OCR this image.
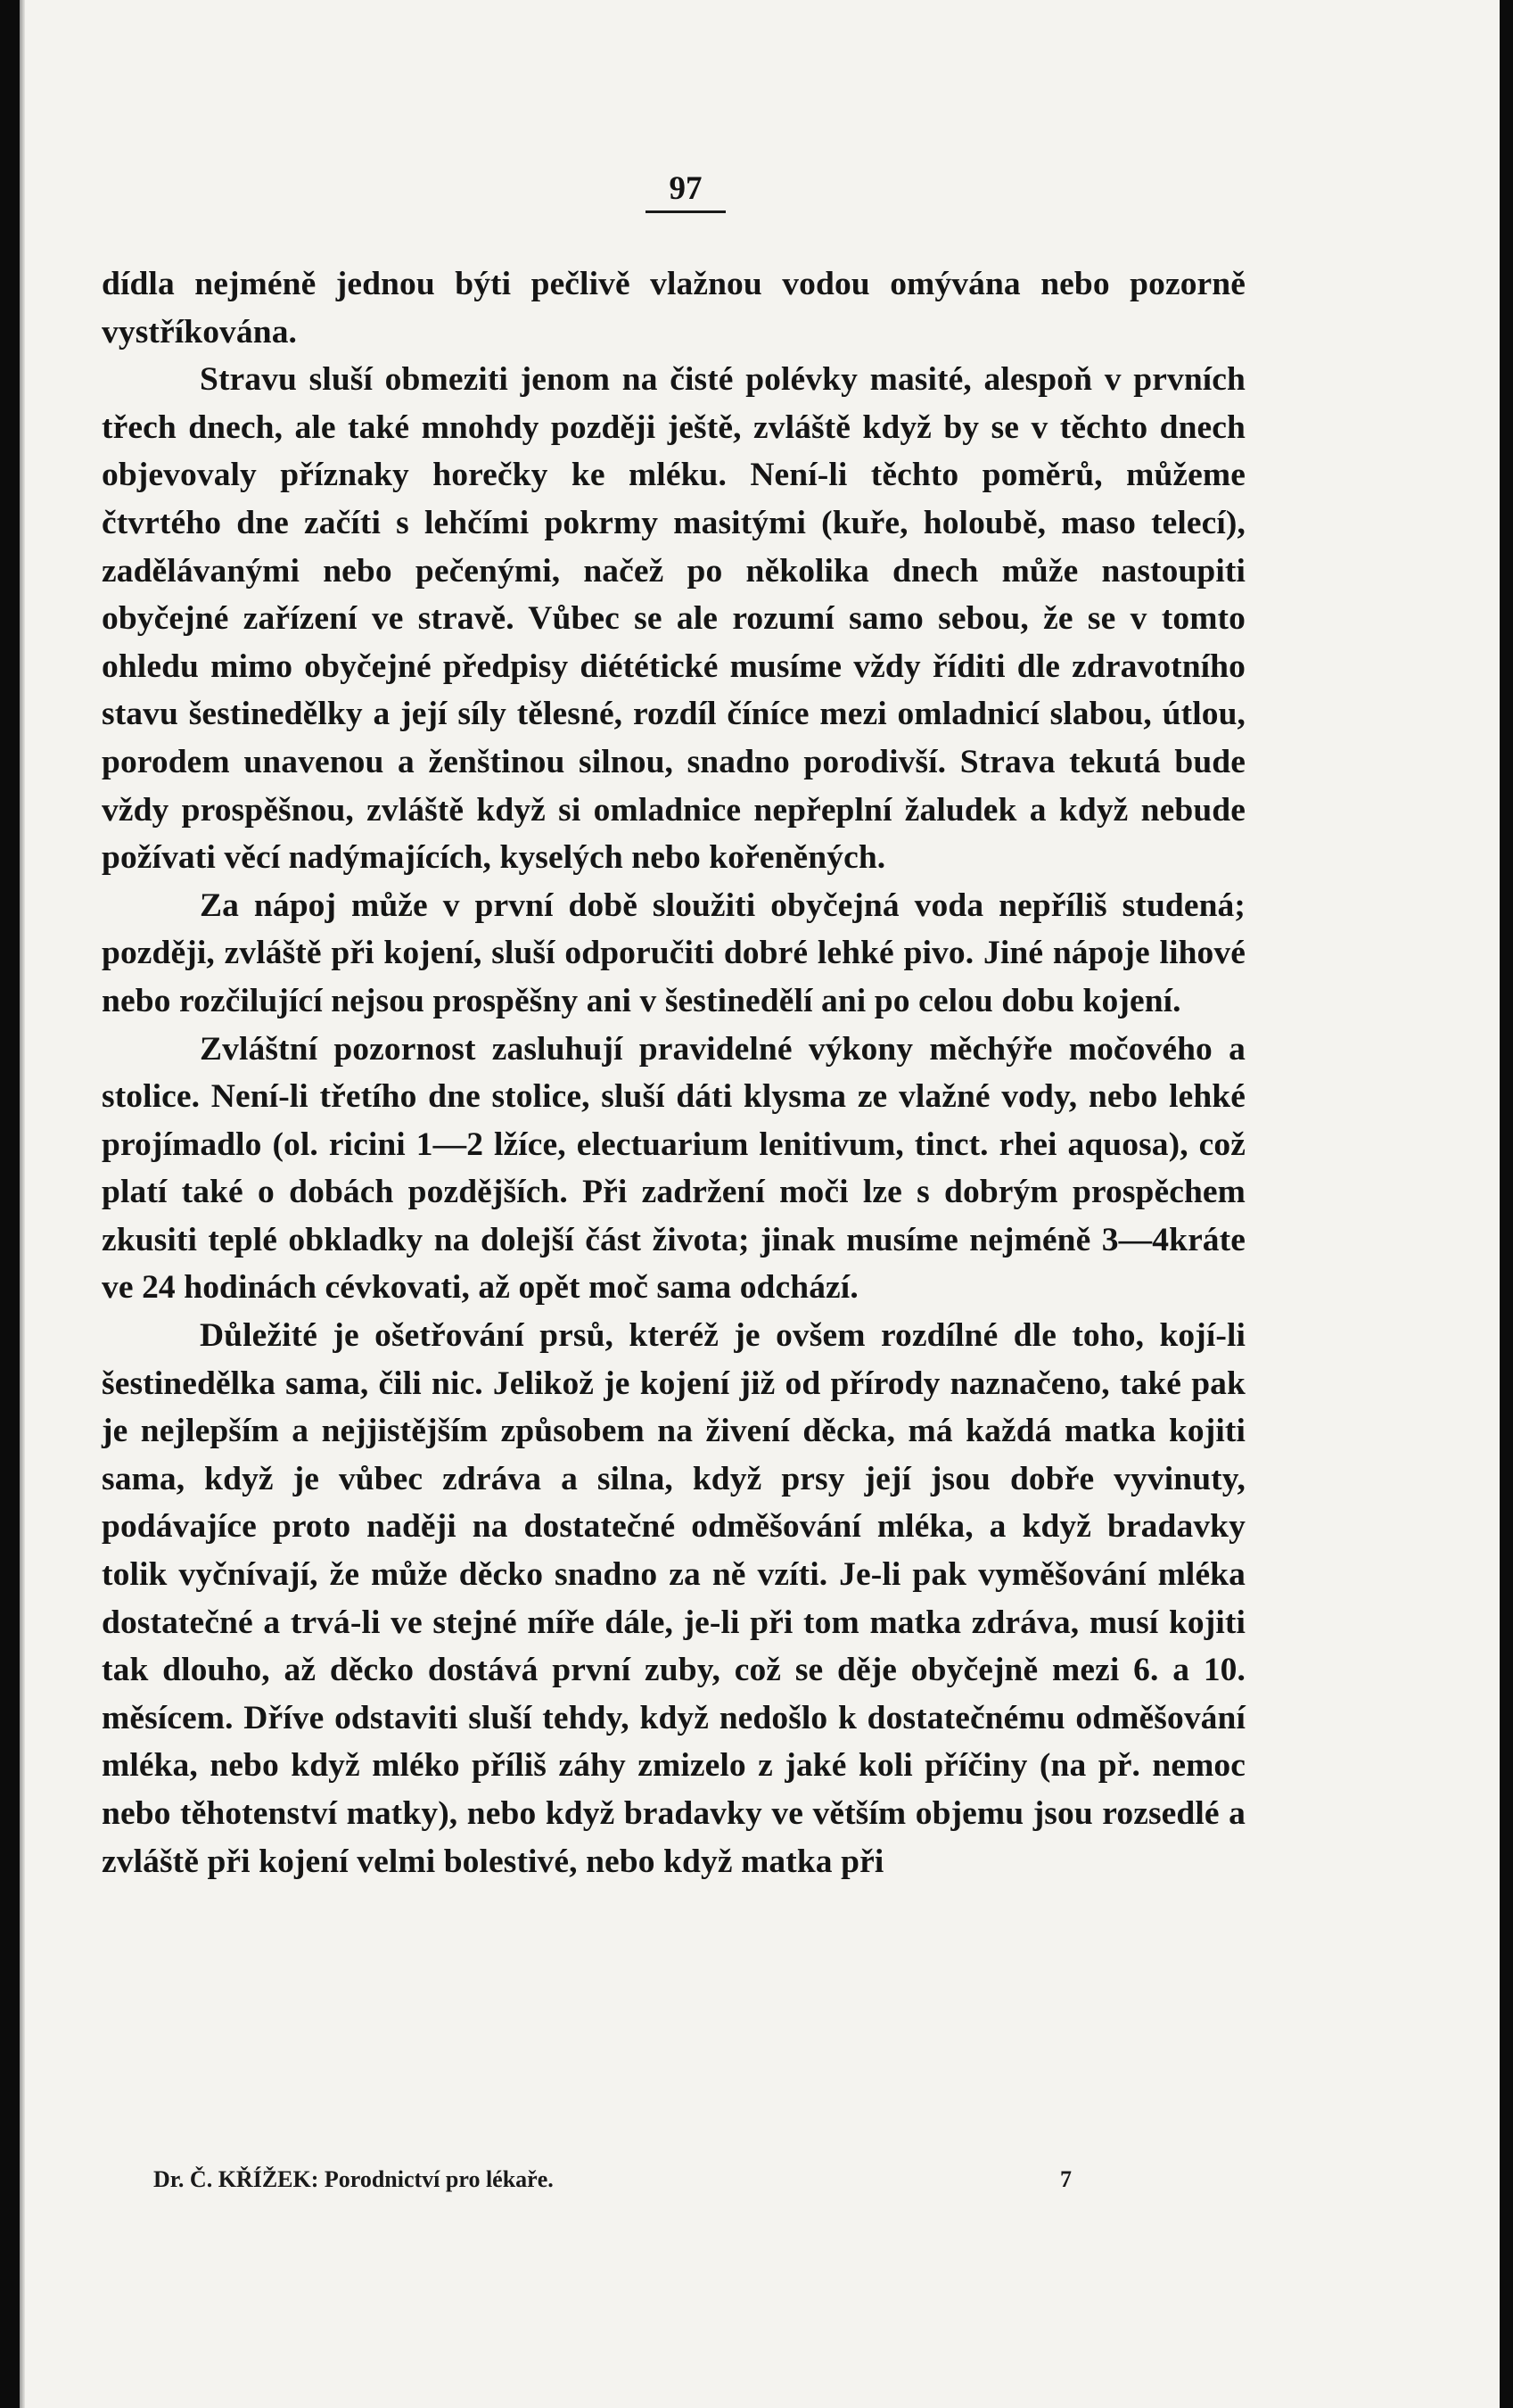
97

dídla nejméně jednou býti pečlivě vlažnou vodou omývána nebo pozorně vystříkována.

Stravu sluší obmeziti jenom na čisté polévky masité, alespoň v prvních třech dnech, ale také mnohdy později ještě, zvláště když by se v těchto dnech objevovaly příznaky horečky ke mléku. Není-li těchto poměrů, můžeme čtvrtého dne začíti s lehčími pokrmy masitými (kuře, holoubě, maso telecí), zadělávanými nebo pečenými, načež po několika dnech může nastoupiti obyčejné zařízení ve stravě. Vůbec se ale rozumí samo sebou, že se v tomto ohledu mimo obyčejné předpisy diététické musíme vždy říditi dle zdravotního stavu šestinedělky a její síly tělesné, rozdíl číníce mezi omladnicí slabou, útlou, porodem unavenou a ženštinou silnou, snadno porodivší. Strava tekutá bude vždy prospěšnou, zvláště když si omladnice nepřeplní žaludek a když nebude požívati věcí nadýmajících, kyselých nebo kořeněných.

Za nápoj může v první době sloužiti obyčejná voda nepříliš studená; později, zvláště při kojení, sluší odporučiti dobré lehké pivo. Jiné nápoje lihové nebo rozčilující nejsou prospěšny ani v šestinedělí ani po celou dobu kojení.

Zvláštní pozornost zasluhují pravidelné výkony měchýře močového a stolice. Není-li třetího dne stolice, sluší dáti klysma ze vlažné vody, nebo lehké projímadlo (ol. ricini 1—2 lžíce, electuarium lenitivum, tinct. rhei aquosa), což platí také o dobách pozdějších. Při zadržení moči lze s dobrým prospěchem zkusiti teplé obkladky na dolejší část života; jinak musíme nejméně 3—4kráte ve 24 hodinách cévkovati, až opět moč sama odchází.

Důležité je ošetřování prsů, kteréž je ovšem rozdílné dle toho, kojí-li šestinedělka sama, čili nic. Jelikož je kojení již od přírody naznačeno, také pak je nejlepším a nejjistějším způsobem na živení děcka, má každá matka kojiti sama, když je vůbec zdráva a silna, když prsy její jsou dobře vyvinuty, podávajíce proto naději na dostatečné odměšování mléka, a když bradavky tolik vyčnívají, že může děcko snadno za ně vzíti. Je-li pak vyměšování mléka dostatečné a trvá-li ve stejné míře dále, je-li při tom matka zdráva, musí kojiti tak dlouho, až děcko dostává první zuby, což se děje obyčejně mezi 6. a 10. měsícem. Dříve odstaviti sluší tehdy, když nedošlo k dostatečnému odměšování mléka, nebo když mléko příliš záhy zmizelo z jaké koli příčiny (na př. nemoc nebo těhotenství matky), nebo když bradavky ve větším objemu jsou rozsedlé a zvláště při kojení velmi bolestivé, nebo když matka při

Dr. Č. KŘÍŽEK: Porodnictví pro lékaře.	7
